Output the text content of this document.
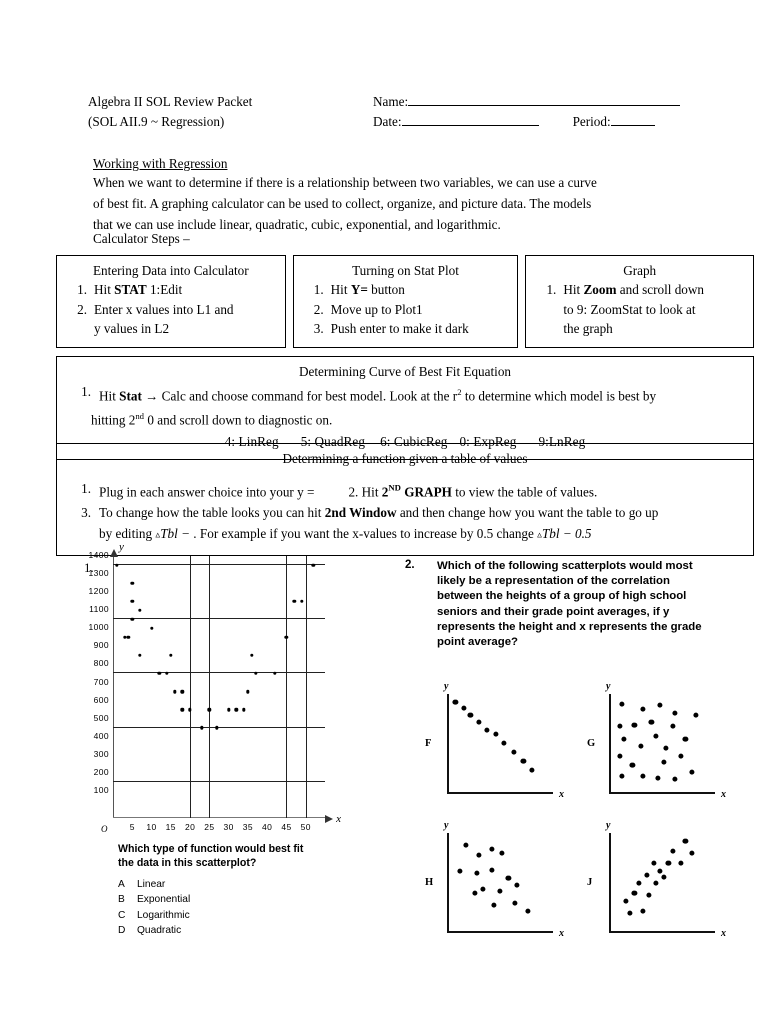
Algebra II SOL Review Packet	Name:
(SOL AII.9 ~ Regression)	Date:	Period:
Working with Regression
When we want to determine if there is a relationship between two variables, we can use a curve
of best fit. A graphing calculator can be used to collect, organize, and picture data. The models
that we can use include linear, quadratic, cubic, exponential, and logarithmic.
Calculator Steps –
Entering Data into Calculator
1. Hit STAT 1:Edit
2. Enter x values into L1 and
y values in L2
Turning on Stat Plot
1. Hit Y= button
2. Move up to Plot1
3. Push enter to make it dark
Graph
1. Hit Zoom and scroll down
to 9: ZoomStat to look at
the graph
Determining Curve of Best Fit Equation
1. Hit Stat → Calc and choose command for best model. Look at the $r^2$ to determine which model is best by
hitting 2nd 0 and scroll down to diagnostic on.
4: LinReg 5: QuadReg 6: CubicReg 0: ExpReg 9:LnReg
Determining a function given a table of values
1. Plug in each answer choice into your y =	2. Hit 2ND GRAPH to view the table of values.
3. To change how the table looks you can hit 2nd Window and then change how you want the table to go up
by editing ▵Tbl − . For example if you want the x-values to increase by 0.5 change ▵Tbl − 0.5
1.
y
x
O
100
200
300
400
500
600
700
800
900
1000
1100
1200
1300
1400
5 10 15 20 25 30 35 40 45 50
Which type of function would best fit
the data in this scatterplot?
A	Linear
B	Exponential
C	Logarithmic
D	Quadratic
2. Which of the following scatterplots would most likely be a representation of the correlation between the heights of a group of high school seniors and their grade point averages, if y represents the height and x represents the grade point average?
y
x
F
y
x
G
y
x
H
y
x
J
